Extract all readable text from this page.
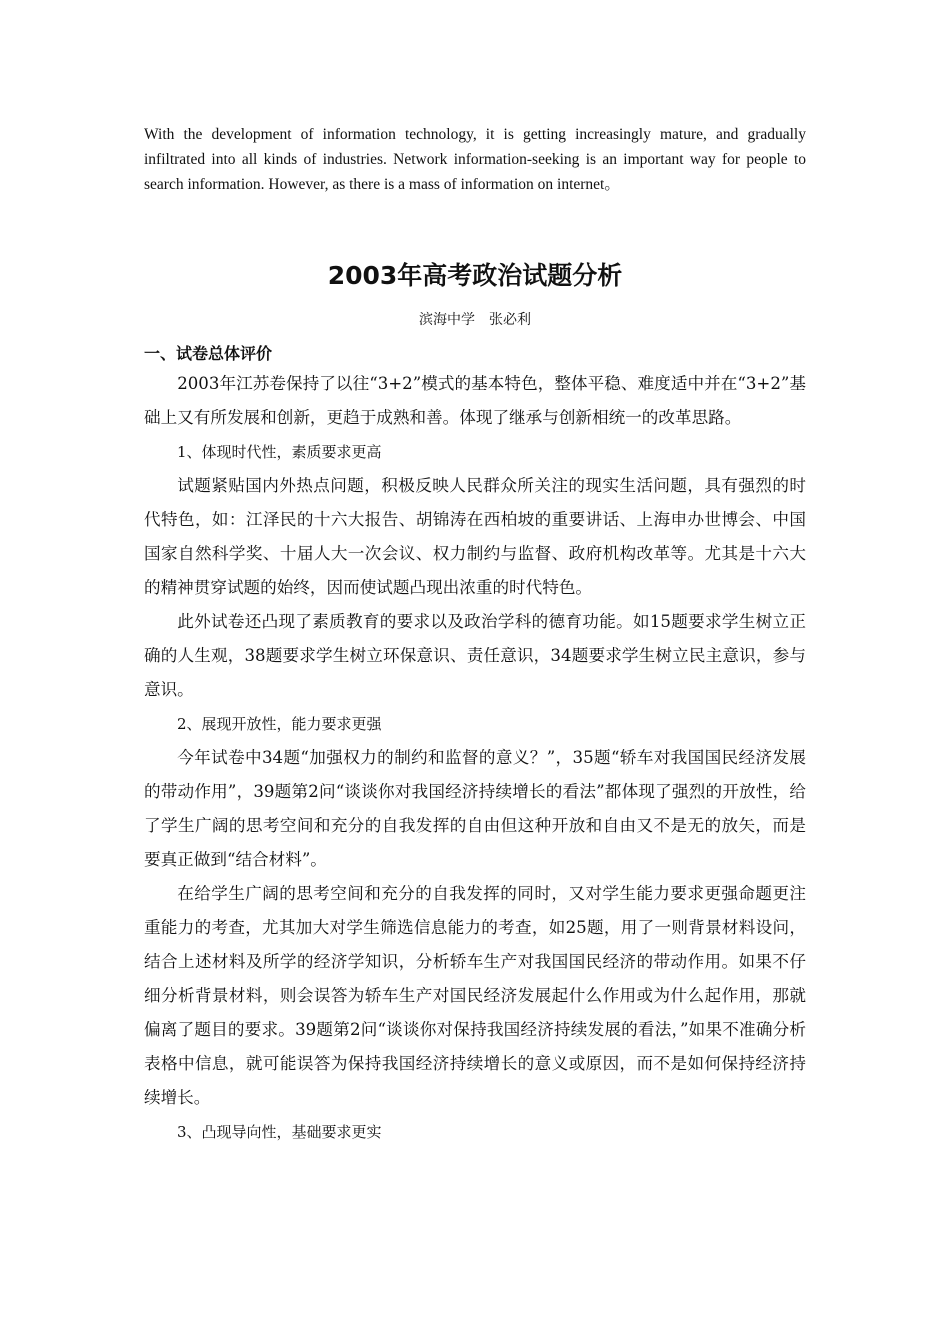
With the development of information technology, it is getting increasingly mature, and gradually infiltrated into all kinds of industries. Network information-seeking is an important way for people to search information. However, as there is a mass of information on internet。

2003年高考政治试题分析

滨海中学　张必利

一、试卷总体评价

2003年江苏卷保持了以往“3+2”模式的基本特色，整体平稳、难度适中并在“3+2”基础上又有所发展和创新，更趋于成熟和善。体现了继承与创新相统一的改革思路。

1、体现时代性，素质要求更高

试题紧贴国内外热点问题，积极反映人民群众所关注的现实生活问题，具有强烈的时代特色，如：江泽民的十六大报告、胡锦涛在西柏坡的重要讲话、上海申办世博会、中国国家自然科学奖、十届人大一次会议、权力制约与监督、政府机构改革等。尤其是十六大的精神贯穿试题的始终，因而使试题凸现出浓重的时代特色。

此外试卷还凸现了素质教育的要求以及政治学科的德育功能。如15题要求学生树立正确的人生观，38题要求学生树立环保意识、责任意识，34题要求学生树立民主意识，参与意识。

2、展现开放性，能力要求更强

今年试卷中34题“加强权力的制约和监督的意义？”，35题“轿车对我国国民经济发展的带动作用”，39题第2问“谈谈你对我国经济持续增长的看法”都体现了强烈的开放性，给了学生广阔的思考空间和充分的自我发挥的自由但这种开放和自由又不是无的放矢，而是要真正做到“结合材料”。

在给学生广阔的思考空间和充分的自我发挥的同时，又对学生能力要求更强命题更注重能力的考查，尤其加大对学生筛选信息能力的考查，如25题，用了一则背景材料设问，结合上述材料及所学的经济学知识，分析轿车生产对我国国民经济的带动作用。如果不仔细分析背景材料，则会误答为轿车生产对国民经济发展起什么作用或为什么起作用，那就偏离了题目的要求。39题第2问“谈谈你对保持我国经济持续发展的看法，”如果不准确分析表格中信息，就可能误答为保持我国经济持续增长的意义或原因，而不是如何保持经济持续增长。

3、凸现导向性，基础要求更实
